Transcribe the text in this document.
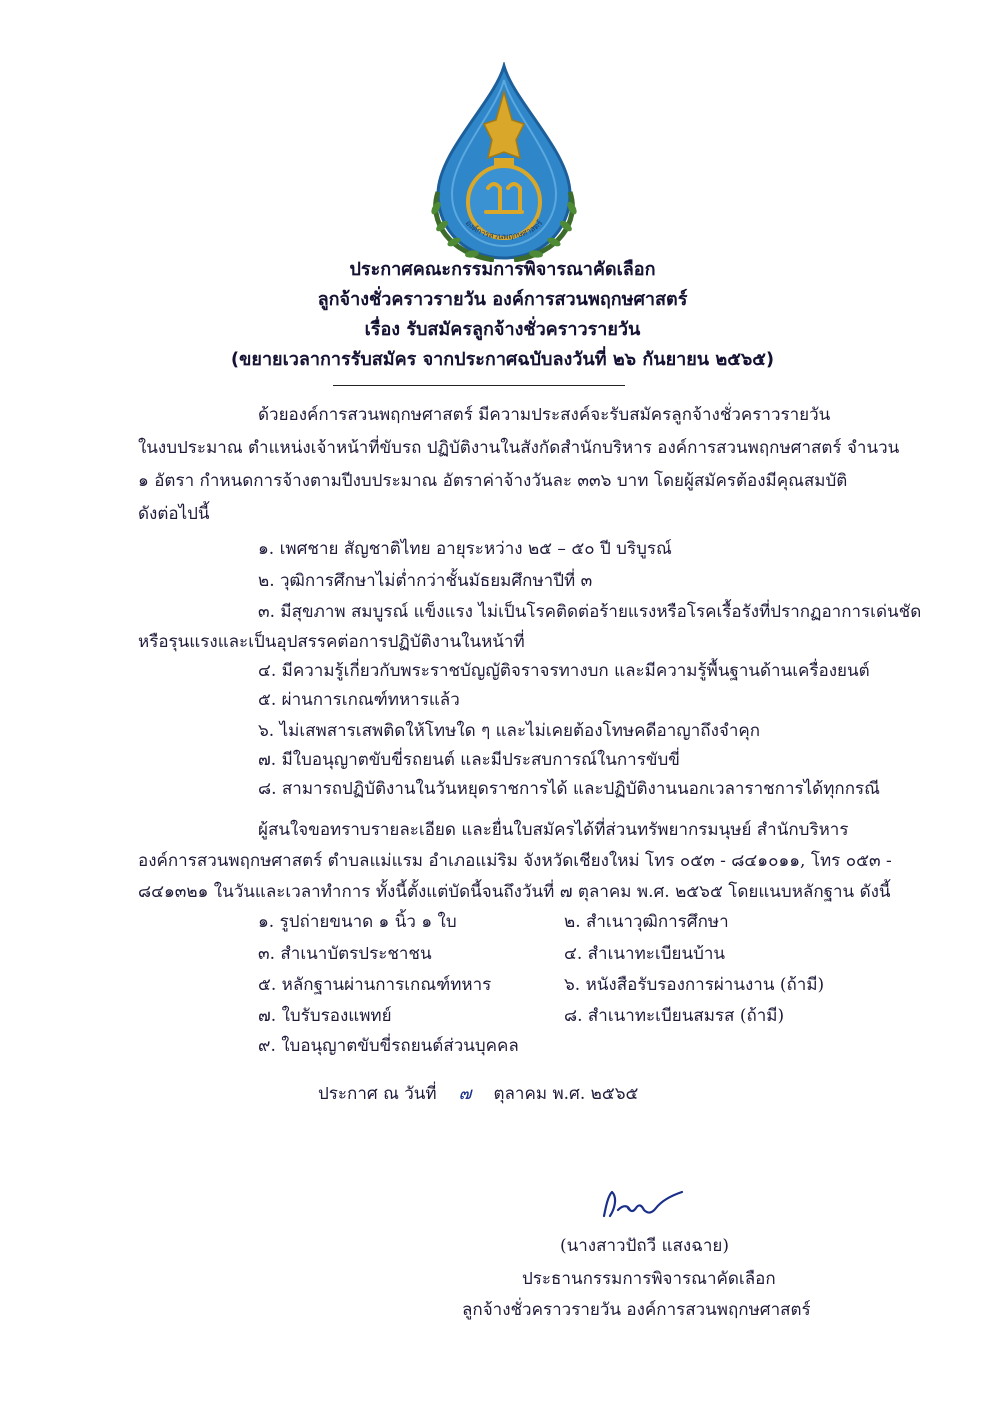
องค์การสวนพฤกษศาสตร์
ประกาศคณะกรรมการพิจารณาคัดเลือก
ลูกจ้างชั่วคราวรายวัน องค์การสวนพฤกษศาสตร์
เรื่อง รับสมัครลูกจ้างชั่วคราวรายวัน
(ขยายเวลาการรับสมัคร จากประกาศฉบับลงวันที่ ๒๖ กันยายน ๒๕๖๕)
ด้วยองค์การสวนพฤกษศาสตร์ มีความประสงค์จะรับสมัครลูกจ้างชั่วคราวรายวัน
ในงบประมาณ ตำแหน่งเจ้าหน้าที่ขับรถ ปฏิบัติงานในสังกัดสำนักบริหาร องค์การสวนพฤกษศาสตร์ จำนวน
๑ อัตรา กำหนดการจ้างตามปีงบประมาณ อัตราค่าจ้างวันละ ๓๓๖ บาท โดยผู้สมัครต้องมีคุณสมบัติ
ดังต่อไปนี้
๑. เพศชาย สัญชาติไทย อายุระหว่าง ๒๕ – ๕๐ ปี บริบูรณ์
๒. วุฒิการศึกษาไม่ต่ำกว่าชั้นมัธยมศึกษาปีที่ ๓
๓. มีสุขภาพ สมบูรณ์ แข็งแรง ไม่เป็นโรคติดต่อร้ายแรงหรือโรคเรื้อรังที่ปรากฏอาการเด่นชัด
หรือรุนแรงและเป็นอุปสรรคต่อการปฏิบัติงานในหน้าที่
๔. มีความรู้เกี่ยวกับพระราชบัญญัติจราจรทางบก และมีความรู้พื้นฐานด้านเครื่องยนต์
๕. ผ่านการเกณฑ์ทหารแล้ว
๖. ไม่เสพสารเสพติดให้โทษใด ๆ และไม่เคยต้องโทษคดีอาญาถึงจำคุก
๗. มีใบอนุญาตขับขี่รถยนต์ และมีประสบการณ์ในการขับขี่
๘. สามารถปฏิบัติงานในวันหยุดราชการได้ และปฏิบัติงานนอกเวลาราชการได้ทุกกรณี
ผู้สนใจขอทราบรายละเอียด และยื่นใบสมัครได้ที่ส่วนทรัพยากรมนุษย์ สำนักบริหาร
องค์การสวนพฤกษศาสตร์ ตำบลแม่แรม อำเภอแม่ริม จังหวัดเชียงใหม่ โทร ๐๕๓ - ๘๔๑๐๑๑, โทร ๐๕๓ -
๘๔๑๓๒๑ ในวันและเวลาทำการ ทั้งนี้ตั้งแต่บัดนี้จนถึงวันที่ ๗ ตุลาคม พ.ศ. ๒๕๖๕ โดยแนบหลักฐาน ดังนี้
๑. รูปถ่ายขนาด ๑ นิ้ว ๑ ใบ	๒. สำเนาวุฒิการศึกษา
๓. สำเนาบัตรประชาชน	๔. สำเนาทะเบียนบ้าน
๕. หลักฐานผ่านการเกณฑ์ทหาร	๖. หนังสือรับรองการผ่านงาน (ถ้ามี)
๗. ใบรับรองแพทย์	๘. สำเนาทะเบียนสมรส (ถ้ามี)
๙. ใบอนุญาตขับขี่รถยนต์ส่วนบุคคล
ประกาศ ณ วันที่ ๗ ตุลาคม พ.ศ. ๒๕๖๕
(นางสาวปัถวี แสงฉาย)
ประธานกรรมการพิจารณาคัดเลือก
ลูกจ้างชั่วคราวรายวัน องค์การสวนพฤกษศาสตร์
